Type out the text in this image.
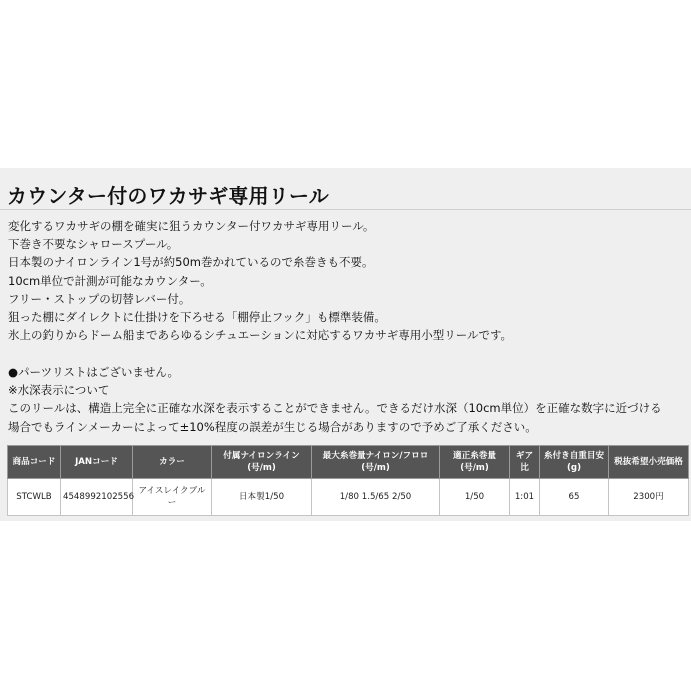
カウンター付のワカサギ専用リール
変化するワカサギの棚を確実に狙うカウンター付ワカサギ専用リール。
下巻き不要なシャロースプール。
日本製のナイロンライン1号が約50m巻かれているので糸巻きも不要。
10cm単位で計測が可能なカウンター。
フリー・ストップの切替レバー付。
狙った棚にダイレクトに仕掛けを下ろせる「棚停止フック」も標準装備。
氷上の釣りからドーム船まであらゆるシチュエーションに対応するワカサギ専用小型リールです。
●パーツリストはございません。
※水深表示について
このリールは、構造上完全に正確な水深を表示することができません。できるだけ水深（10cm単位）を正確な数字に近づける
場合でもラインメーカーによって±10%程度の誤差が生じる場合がありますので予めご了承ください。
商品コード	JANコード	カラー	付属ナイロンライン(号/m)	最大糸巻量ナイロン/フロロ(号/m)	適正糸巻量(号/m)	ギア比	糸付き自重目安(g)	税抜希望小売価格
STCWLB	4548992102556	アイスレイクブルー	日本製1/50	1/80 1.5/65 2/50	1/50	1:01	65	2300円
